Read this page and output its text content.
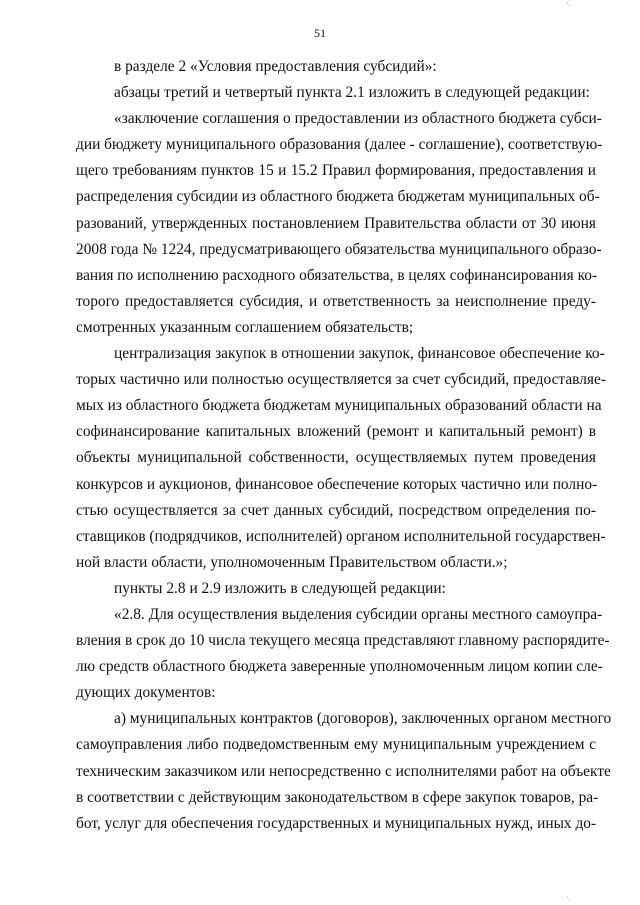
51

в разделе 2 «Условия предоставления субсидий»:
абзацы третий и четвертый пункта 2.1 изложить в следующей редакции:
«заключение соглашения о предоставлении из областного бюджета субси-
дии бюджету муниципального образования (далее - соглашение), соответствую-
щего требованиям пунктов 15 и 15.2 Правил формирования, предоставления и
распределения субсидии из областного бюджета бюджетам муниципальных об-
разований, утвержденных постановлением Правительства области от 30 июня
2008 года № 1224, предусматривающего обязательства муниципального образо-
вания по исполнению расходного обязательства, в целях софинансирования ко-
торого предоставляется субсидия, и ответственность за неисполнение преду-
смотренных указанным соглашением обязательств;
централизация закупок в отношении закупок, финансовое обеспечение ко-
торых частично или полностью осуществляется за счет субсидий, предоставляе-
мых из областного бюджета бюджетам муниципальных образований области на
софинансирование капитальных вложений (ремонт и капитальный ремонт) в
объекты муниципальной собственности, осуществляемых путем проведения
конкурсов и аукционов, финансовое обеспечение которых частично или полно-
стью осуществляется за счет данных субсидий, посредством определения по-
ставщиков (подрядчиков, исполнителей) органом исполнительной государствен-
ной власти области, уполномоченным Правительством области.»;
пункты 2.8 и 2.9 изложить в следующей редакции:
«2.8. Для осуществления выделения субсидии органы местного самоупра-
вления в срок до 10 числа текущего месяца представляют главному распорядите-
лю средств областного бюджета заверенные уполномоченным лицом копии сле-
дующих документов:
а) муниципальных контрактов (договоров), заключенных органом местного
самоуправления либо подведомственным ему муниципальным учреждением с
техническим заказчиком или непосредственно с исполнителями работ на объекте
в соответствии с действующим законодательством в сфере закупок товаров, ра-
бот, услуг для обеспечения государственных и муниципальных нужд, иных до-
·.
·.
